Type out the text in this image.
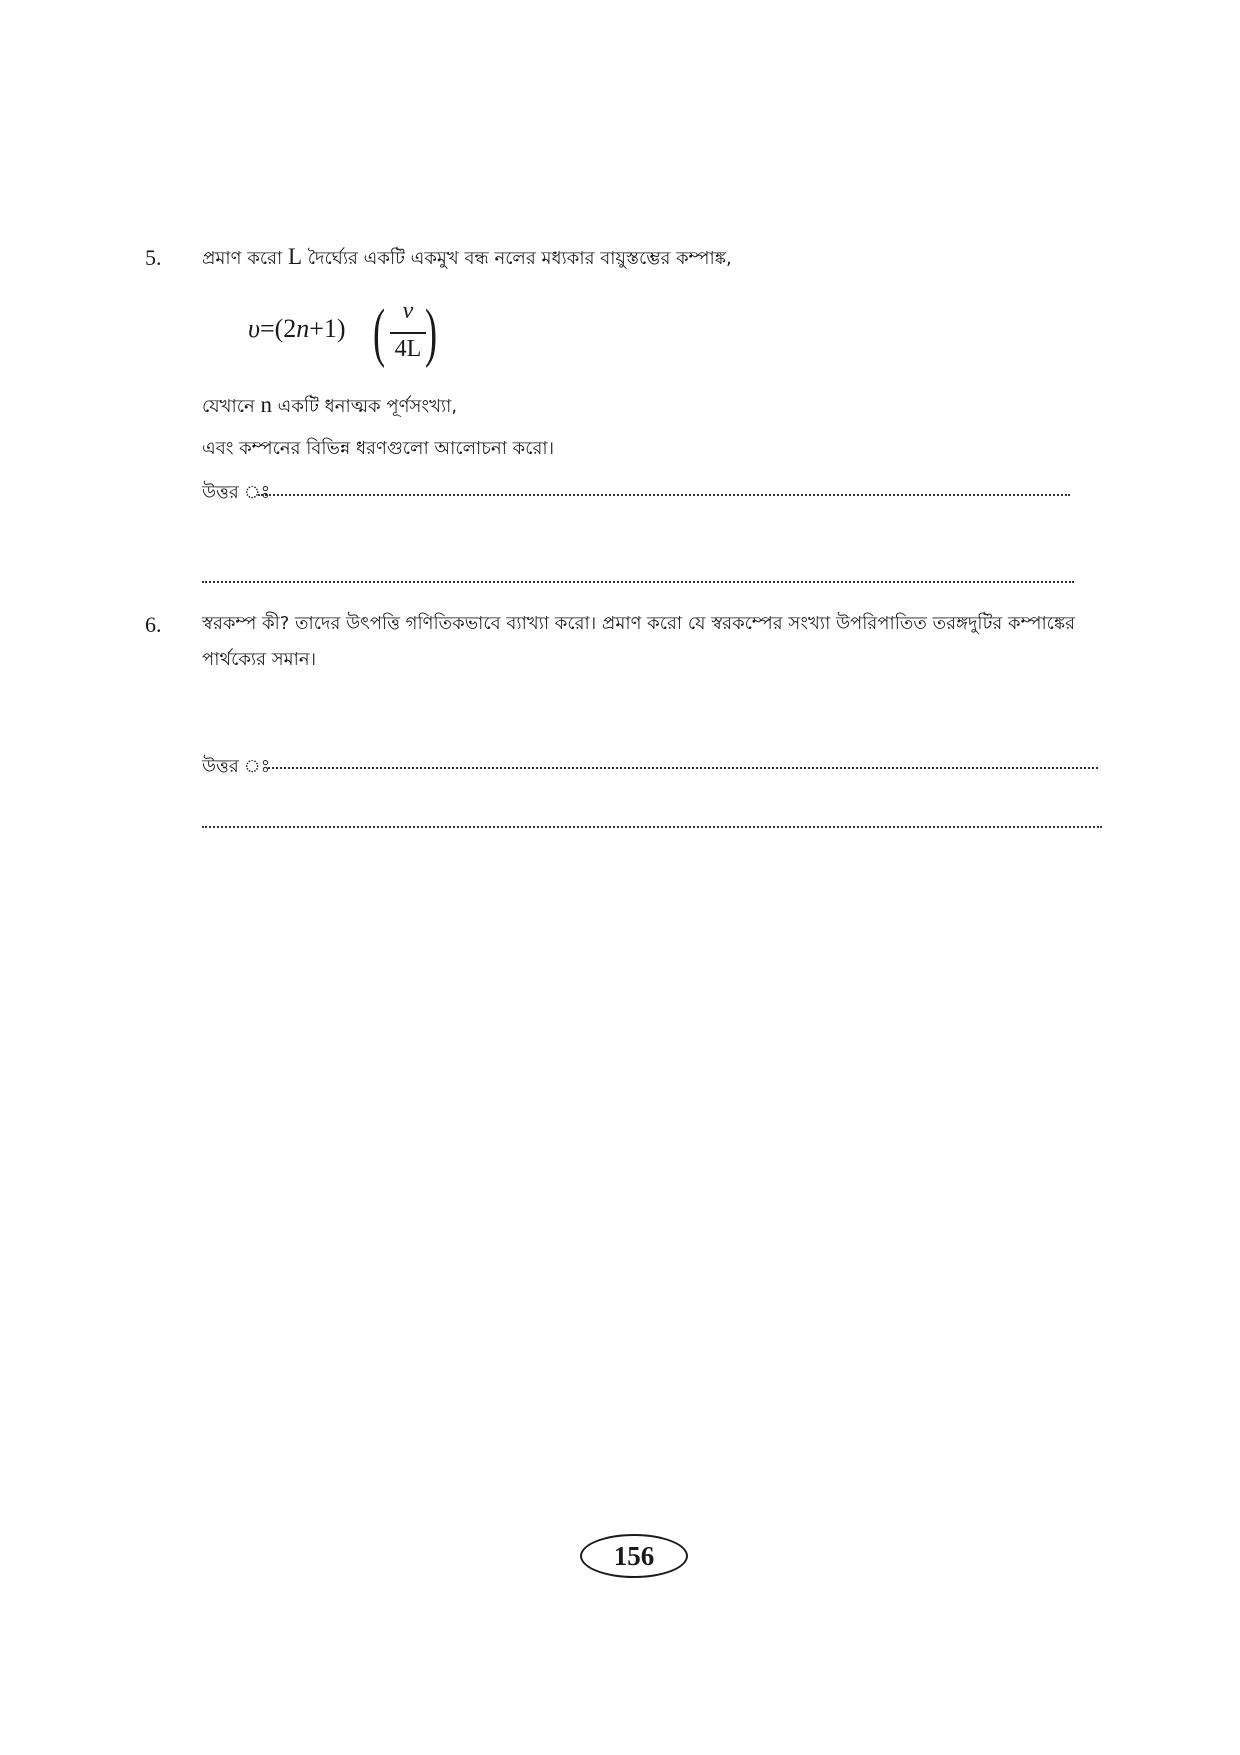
5. প্রমাণ করো L দৈর্ঘ্যের একটি একমুখ বন্ধ নলের মধ্যকার বায়ুস্তম্ভের কম্পাঙ্ক,
υ=(2n+1) ( v
4L )
যেখানে n একটি ধনাত্মক পূর্ণসংখ্যা,
এবং কম্পনের বিভিন্ন ধরণগুলো আলোচনা করো।
উত্তর ঃ
6. স্বরকম্প কী? তাদের উৎপত্তি গণিতিকভাবে ব্যাখ্যা করো। প্রমাণ করো যে স্বরকম্পের সংখ্যা উপরিপাতিত তরঙ্গদুটির কম্পাঙ্কের পার্থক্যের সমান।
উত্তর ঃ
156
